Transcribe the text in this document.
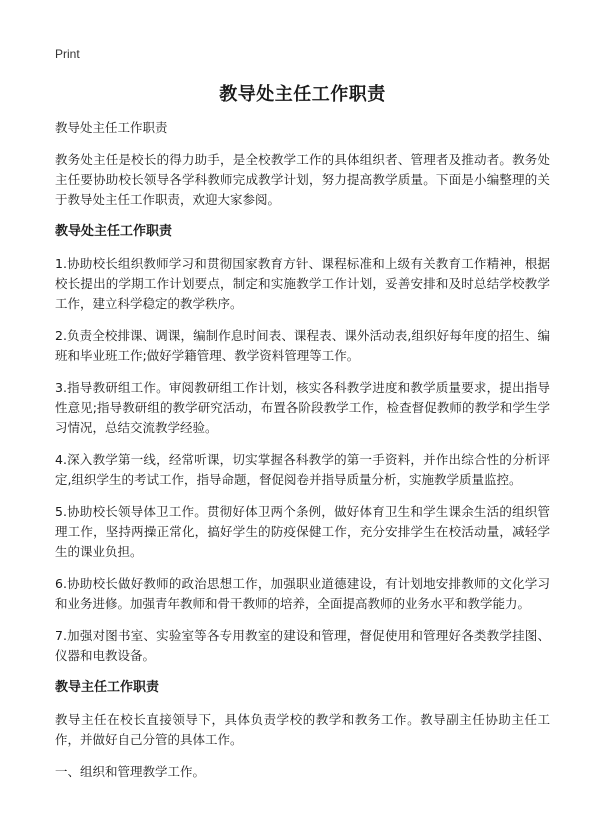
Print
教导处主任工作职责

教导处主任工作职责

教务处主任是校长的得力助手，是全校教学工作的具体组织者、管理者及推动者。教务处主任要协助校长领导各学科教师完成教学计划，努力提高教学质量。下面是小编整理的关于教导处主任工作职责，欢迎大家参阅。

教导处主任工作职责

1.协助校长组织教师学习和贯彻国家教育方针、课程标准和上级有关教育工作精神，根据校长提出的学期工作计划要点，制定和实施教学工作计划，妥善安排和及时总结学校教学工作，建立科学稳定的教学秩序。

2.负责全校排课、调课，编制作息时间表、课程表、课外活动表,组织好每年度的招生、编班和毕业班工作;做好学籍管理、教学资料管理等工作。

3.指导教研组工作。审阅教研组工作计划，核实各科教学进度和教学质量要求，提出指导性意见;指导教研组的教学研究活动，布置各阶段教学工作，检查督促教师的教学和学生学习情况，总结交流教学经验。

4.深入教学第一线，经常听课，切实掌握各科教学的第一手资料，并作出综合性的分析评定,组织学生的考试工作，指导命题，督促阅卷并指导质量分析，实施教学质量监控。

5.协助校长领导体卫工作。贯彻好体卫两个条例，做好体育卫生和学生课余生活的组织管理工作，坚持两操正常化，搞好学生的防疫保健工作，充分安排学生在校活动量，减轻学生的课业负担。

6.协助校长做好教师的政治思想工作，加强职业道德建设，有计划地安排教师的文化学习和业务进修。加强青年教师和骨干教师的培养，全面提高教师的业务水平和教学能力。

7.加强对图书室、实验室等各专用教室的建设和管理，督促使用和管理好各类教学挂图、仪器和电教设备。

教导主任工作职责

教导主任在校长直接领导下，具体负责学校的教学和教务工作。教导副主任协助主任工作，并做好自己分管的具体工作。

一、组织和管理教学工作。
